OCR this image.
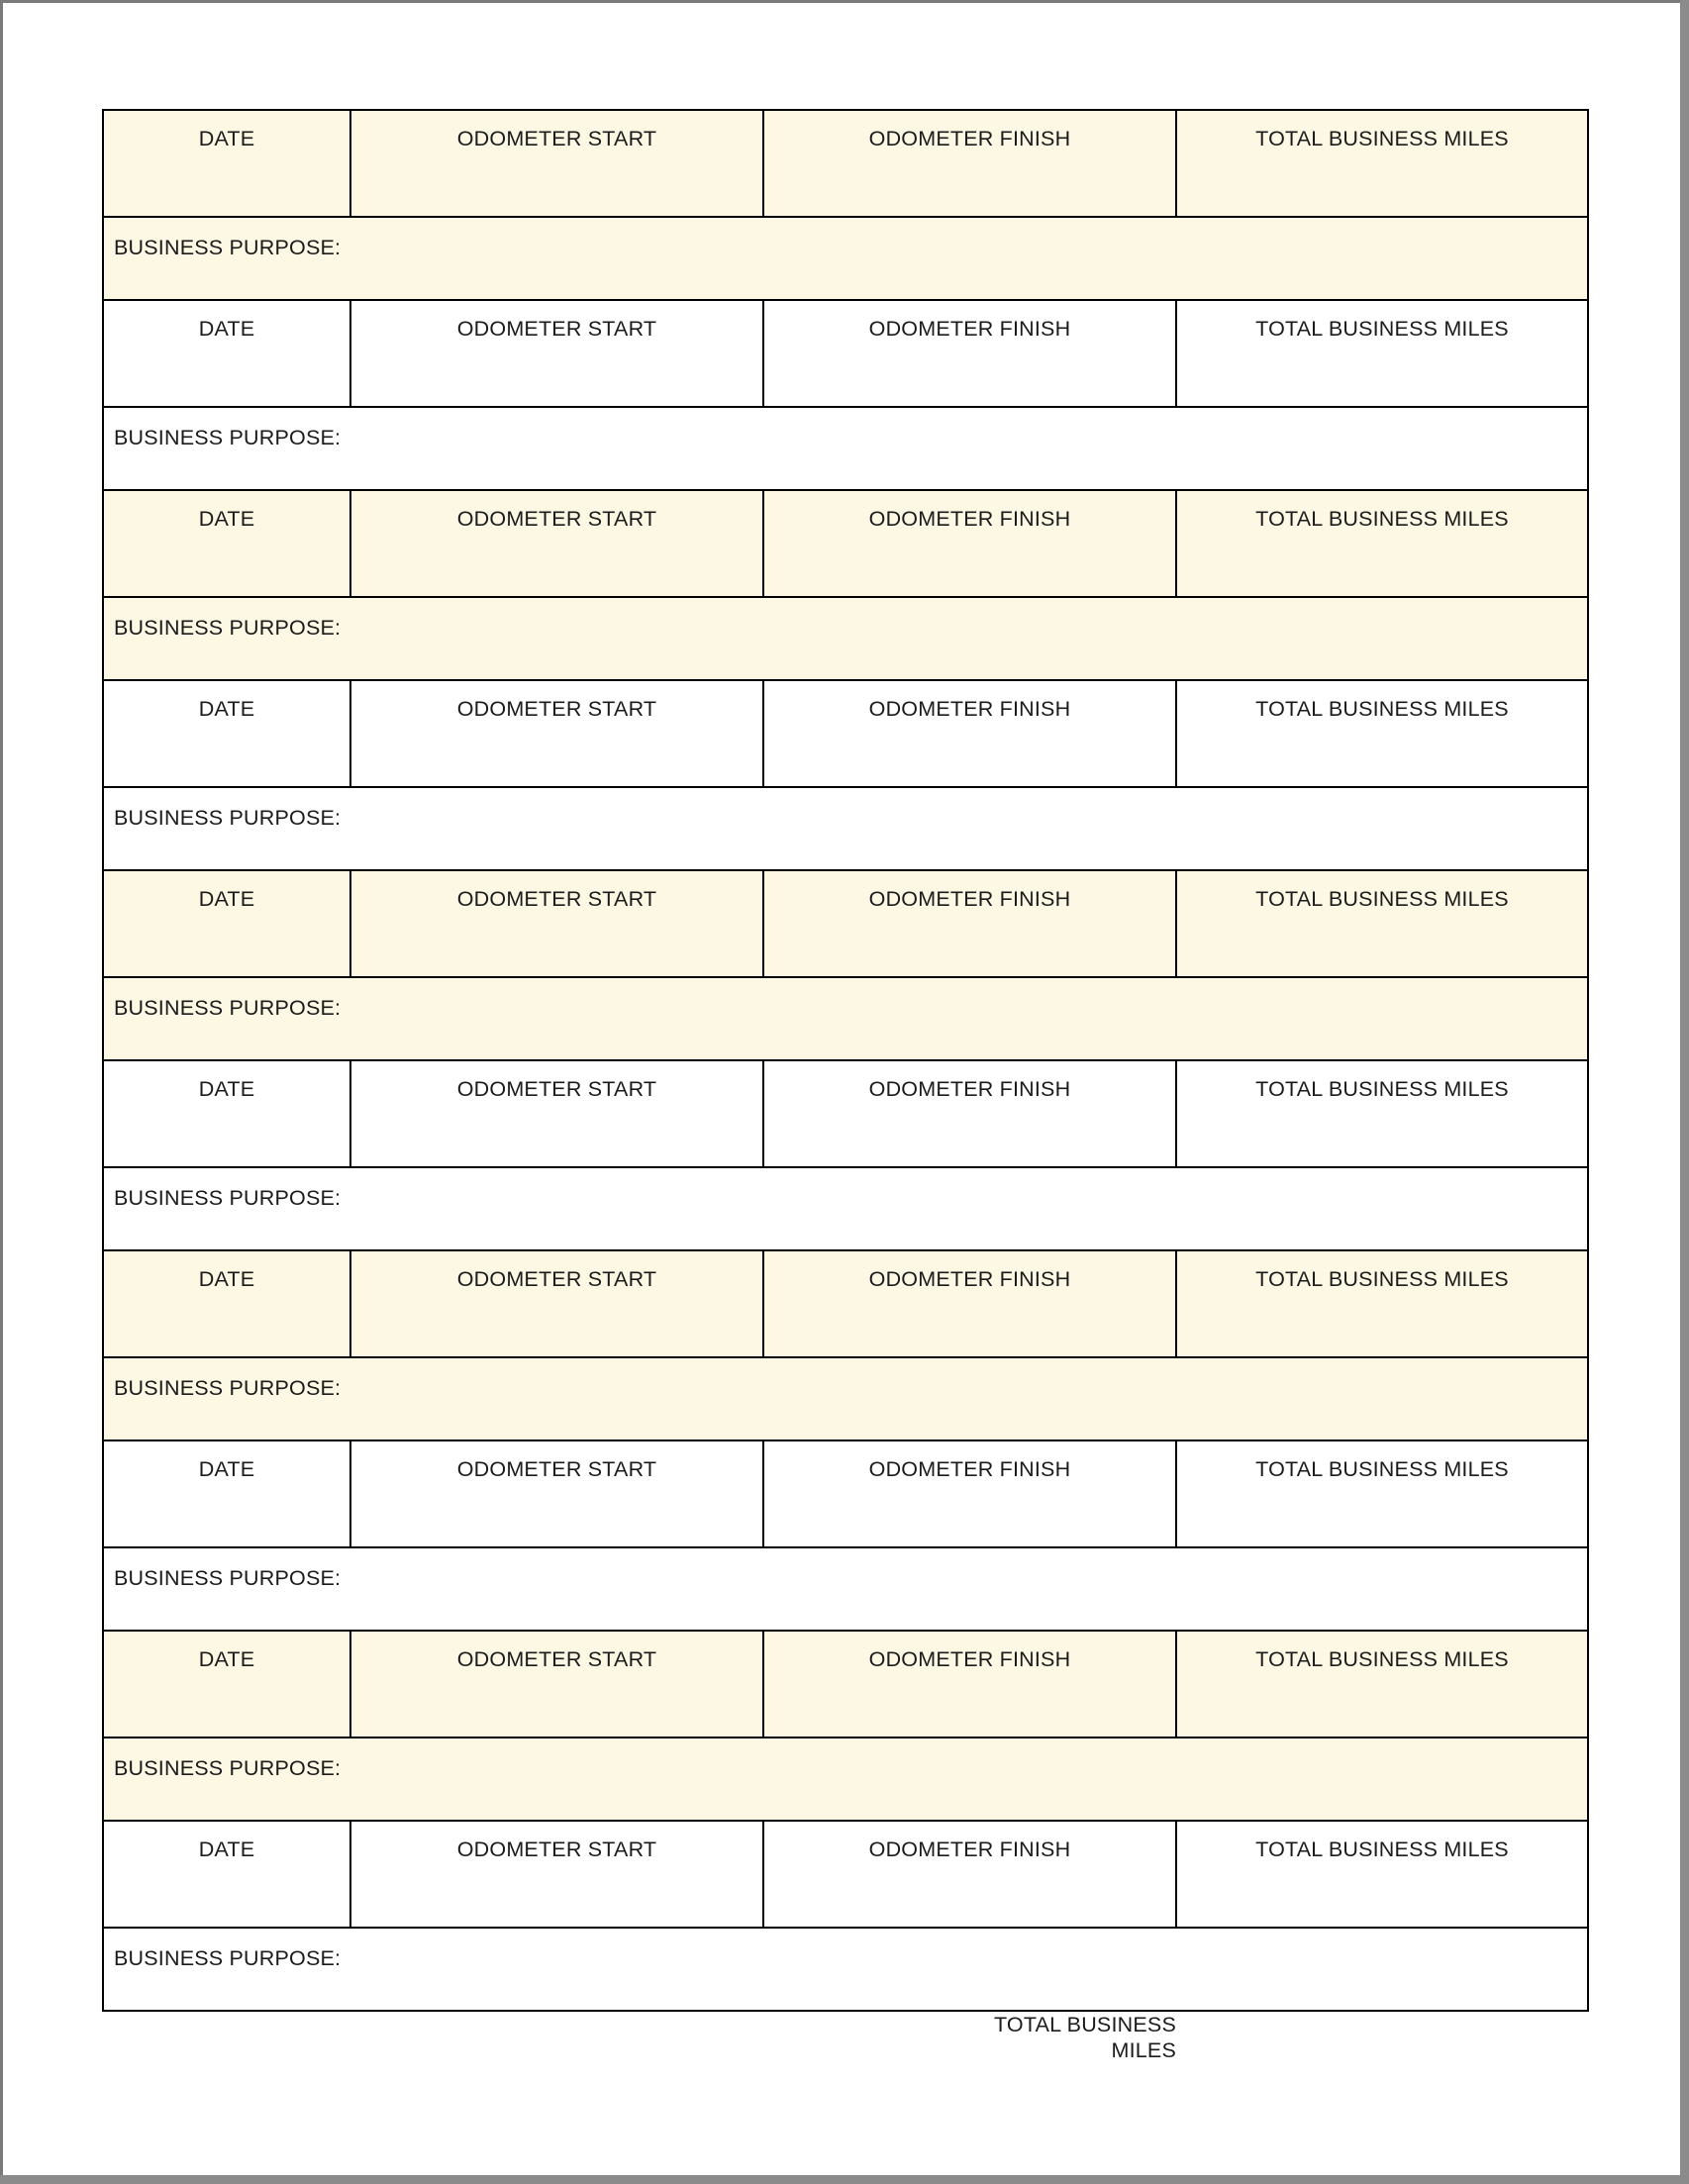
DATE	ODOMETER START	ODOMETER FINISH	TOTAL BUSINESS MILES
BUSINESS PURPOSE:			
DATE	ODOMETER START	ODOMETER FINISH	TOTAL BUSINESS MILES
BUSINESS PURPOSE:			
DATE	ODOMETER START	ODOMETER FINISH	TOTAL BUSINESS MILES
BUSINESS PURPOSE:			
DATE	ODOMETER START	ODOMETER FINISH	TOTAL BUSINESS MILES
BUSINESS PURPOSE:			
DATE	ODOMETER START	ODOMETER FINISH	TOTAL BUSINESS MILES
BUSINESS PURPOSE:			
DATE	ODOMETER START	ODOMETER FINISH	TOTAL BUSINESS MILES
BUSINESS PURPOSE:			
DATE	ODOMETER START	ODOMETER FINISH	TOTAL BUSINESS MILES
BUSINESS PURPOSE:			
DATE	ODOMETER START	ODOMETER FINISH	TOTAL BUSINESS MILES
BUSINESS PURPOSE:			
DATE	ODOMETER START	ODOMETER FINISH	TOTAL BUSINESS MILES
BUSINESS PURPOSE:			
DATE	ODOMETER START	ODOMETER FINISH	TOTAL BUSINESS MILES
BUSINESS PURPOSE:			

		TOTAL BUSINESS
MILES	
